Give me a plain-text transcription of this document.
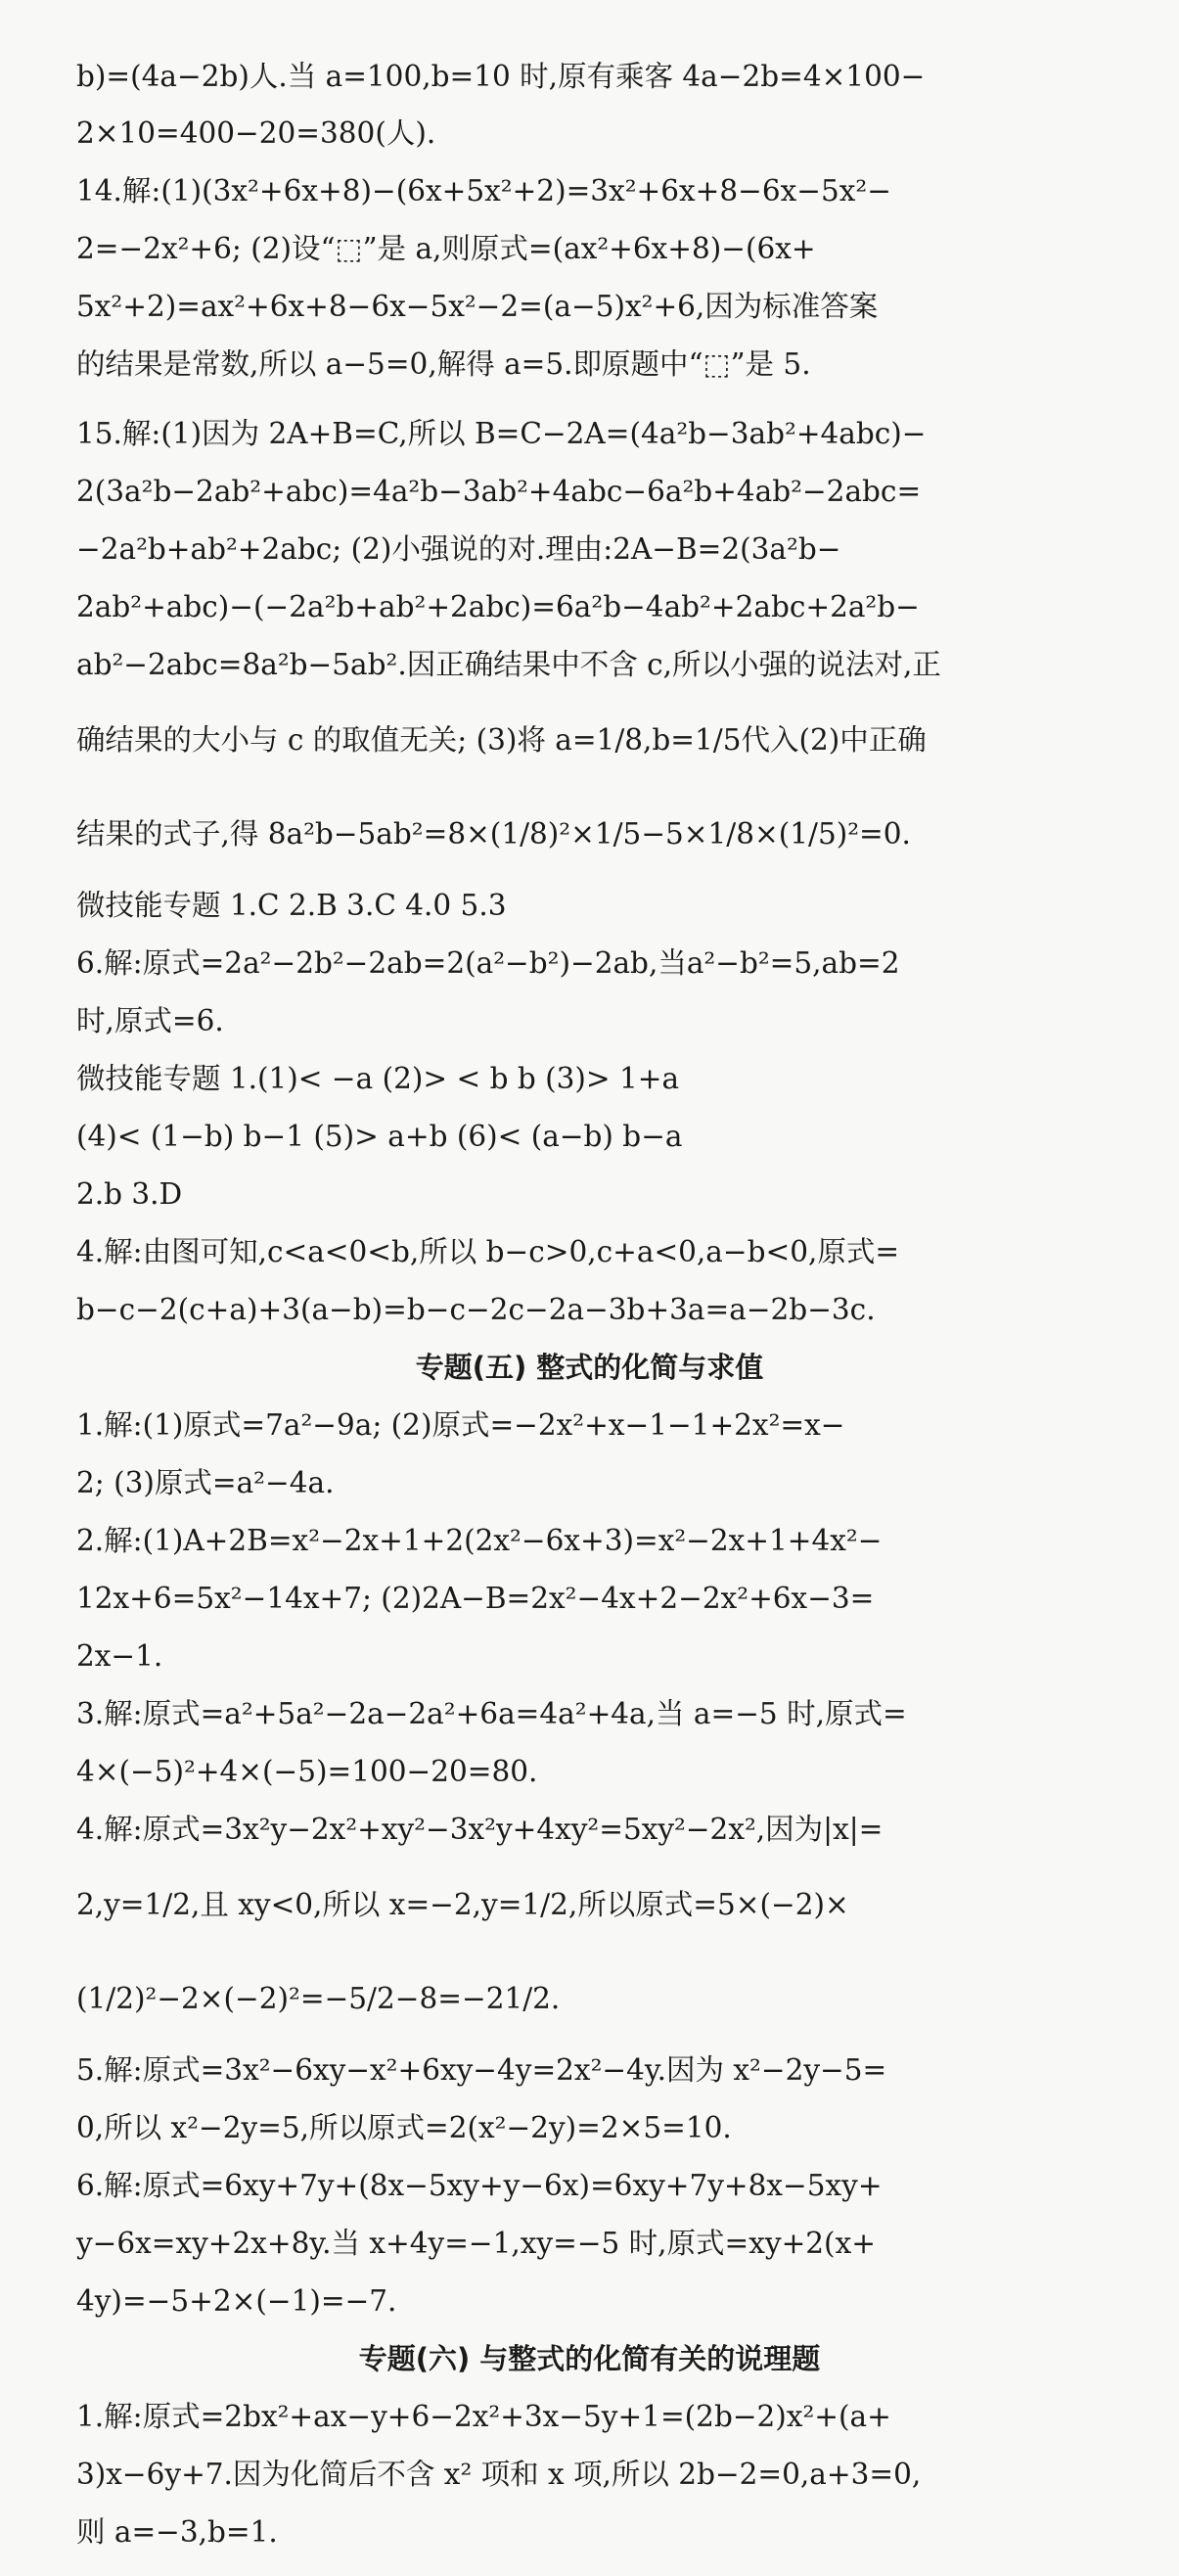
b)=(4a−2b)人.当 a=100,b=10 时,原有乘客 4a−2b=4×100−
2×10=400−20=380(人).
14.解:(1)(3x²+6x+8)−(6x+5x²+2)=3x²+6x+8−6x−5x²−
2=−2x²+6; (2)设“⬚”是 a,则原式=(ax²+6x+8)−(6x+
5x²+2)=ax²+6x+8−6x−5x²−2=(a−5)x²+6,因为标准答案
的结果是常数,所以 a−5=0,解得 a=5.即原题中“⬚”是 5.
15.解:(1)因为 2A+B=C,所以 B=C−2A=(4a²b−3ab²+4abc)−
2(3a²b−2ab²+abc)=4a²b−3ab²+4abc−6a²b+4ab²−2abc=
−2a²b+ab²+2abc; (2)小强说的对.理由:2A−B=2(3a²b−
2ab²+abc)−(−2a²b+ab²+2abc)=6a²b−4ab²+2abc+2a²b−
ab²−2abc=8a²b−5ab².因正确结果中不含 c,所以小强的说法对,正
确结果的大小与 c 的取值无关; (3)将 a=1/8,b=1/5代入(2)中正确
结果的式子,得 8a²b−5ab²=8×(1/8)²×1/5−5×1/8×(1/5)²=0.
微技能专题 1.C 2.B 3.C 4.0 5.3
6.解:原式=2a²−2b²−2ab=2(a²−b²)−2ab,当a²−b²=5,ab=2
时,原式=6.
微技能专题 1.(1)< −a (2)> < b b (3)> 1+a
(4)< (1−b) b−1 (5)> a+b (6)< (a−b) b−a
2.b 3.D
4.解:由图可知,c<a<0<b,所以 b−c>0,c+a<0,a−b<0,原式=
b−c−2(c+a)+3(a−b)=b−c−2c−2a−3b+3a=a−2b−3c.
专题(五) 整式的化简与求值
1.解:(1)原式=7a²−9a; (2)原式=−2x²+x−1−1+2x²=x−
2; (3)原式=a²−4a.
2.解:(1)A+2B=x²−2x+1+2(2x²−6x+3)=x²−2x+1+4x²−
12x+6=5x²−14x+7; (2)2A−B=2x²−4x+2−2x²+6x−3=
2x−1.
3.解:原式=a²+5a²−2a−2a²+6a=4a²+4a,当 a=−5 时,原式=
4×(−5)²+4×(−5)=100−20=80.
4.解:原式=3x²y−2x²+xy²−3x²y+4xy²=5xy²−2x²,因为|x|=
2,y=1/2,且 xy<0,所以 x=−2,y=1/2,所以原式=5×(−2)×
(1/2)²−2×(−2)²=−5/2−8=−21/2.
5.解:原式=3x²−6xy−x²+6xy−4y=2x²−4y.因为 x²−2y−5=
0,所以 x²−2y=5,所以原式=2(x²−2y)=2×5=10.
6.解:原式=6xy+7y+(8x−5xy+y−6x)=6xy+7y+8x−5xy+
y−6x=xy+2x+8y.当 x+4y=−1,xy=−5 时,原式=xy+2(x+
4y)=−5+2×(−1)=−7.
专题(六) 与整式的化简有关的说理题
1.解:原式=2bx²+ax−y+6−2x²+3x−5y+1=(2b−2)x²+(a+
3)x−6y+7.因为化简后不含 x² 项和 x 项,所以 2b−2=0,a+3=0,
则 a=−3,b=1.
